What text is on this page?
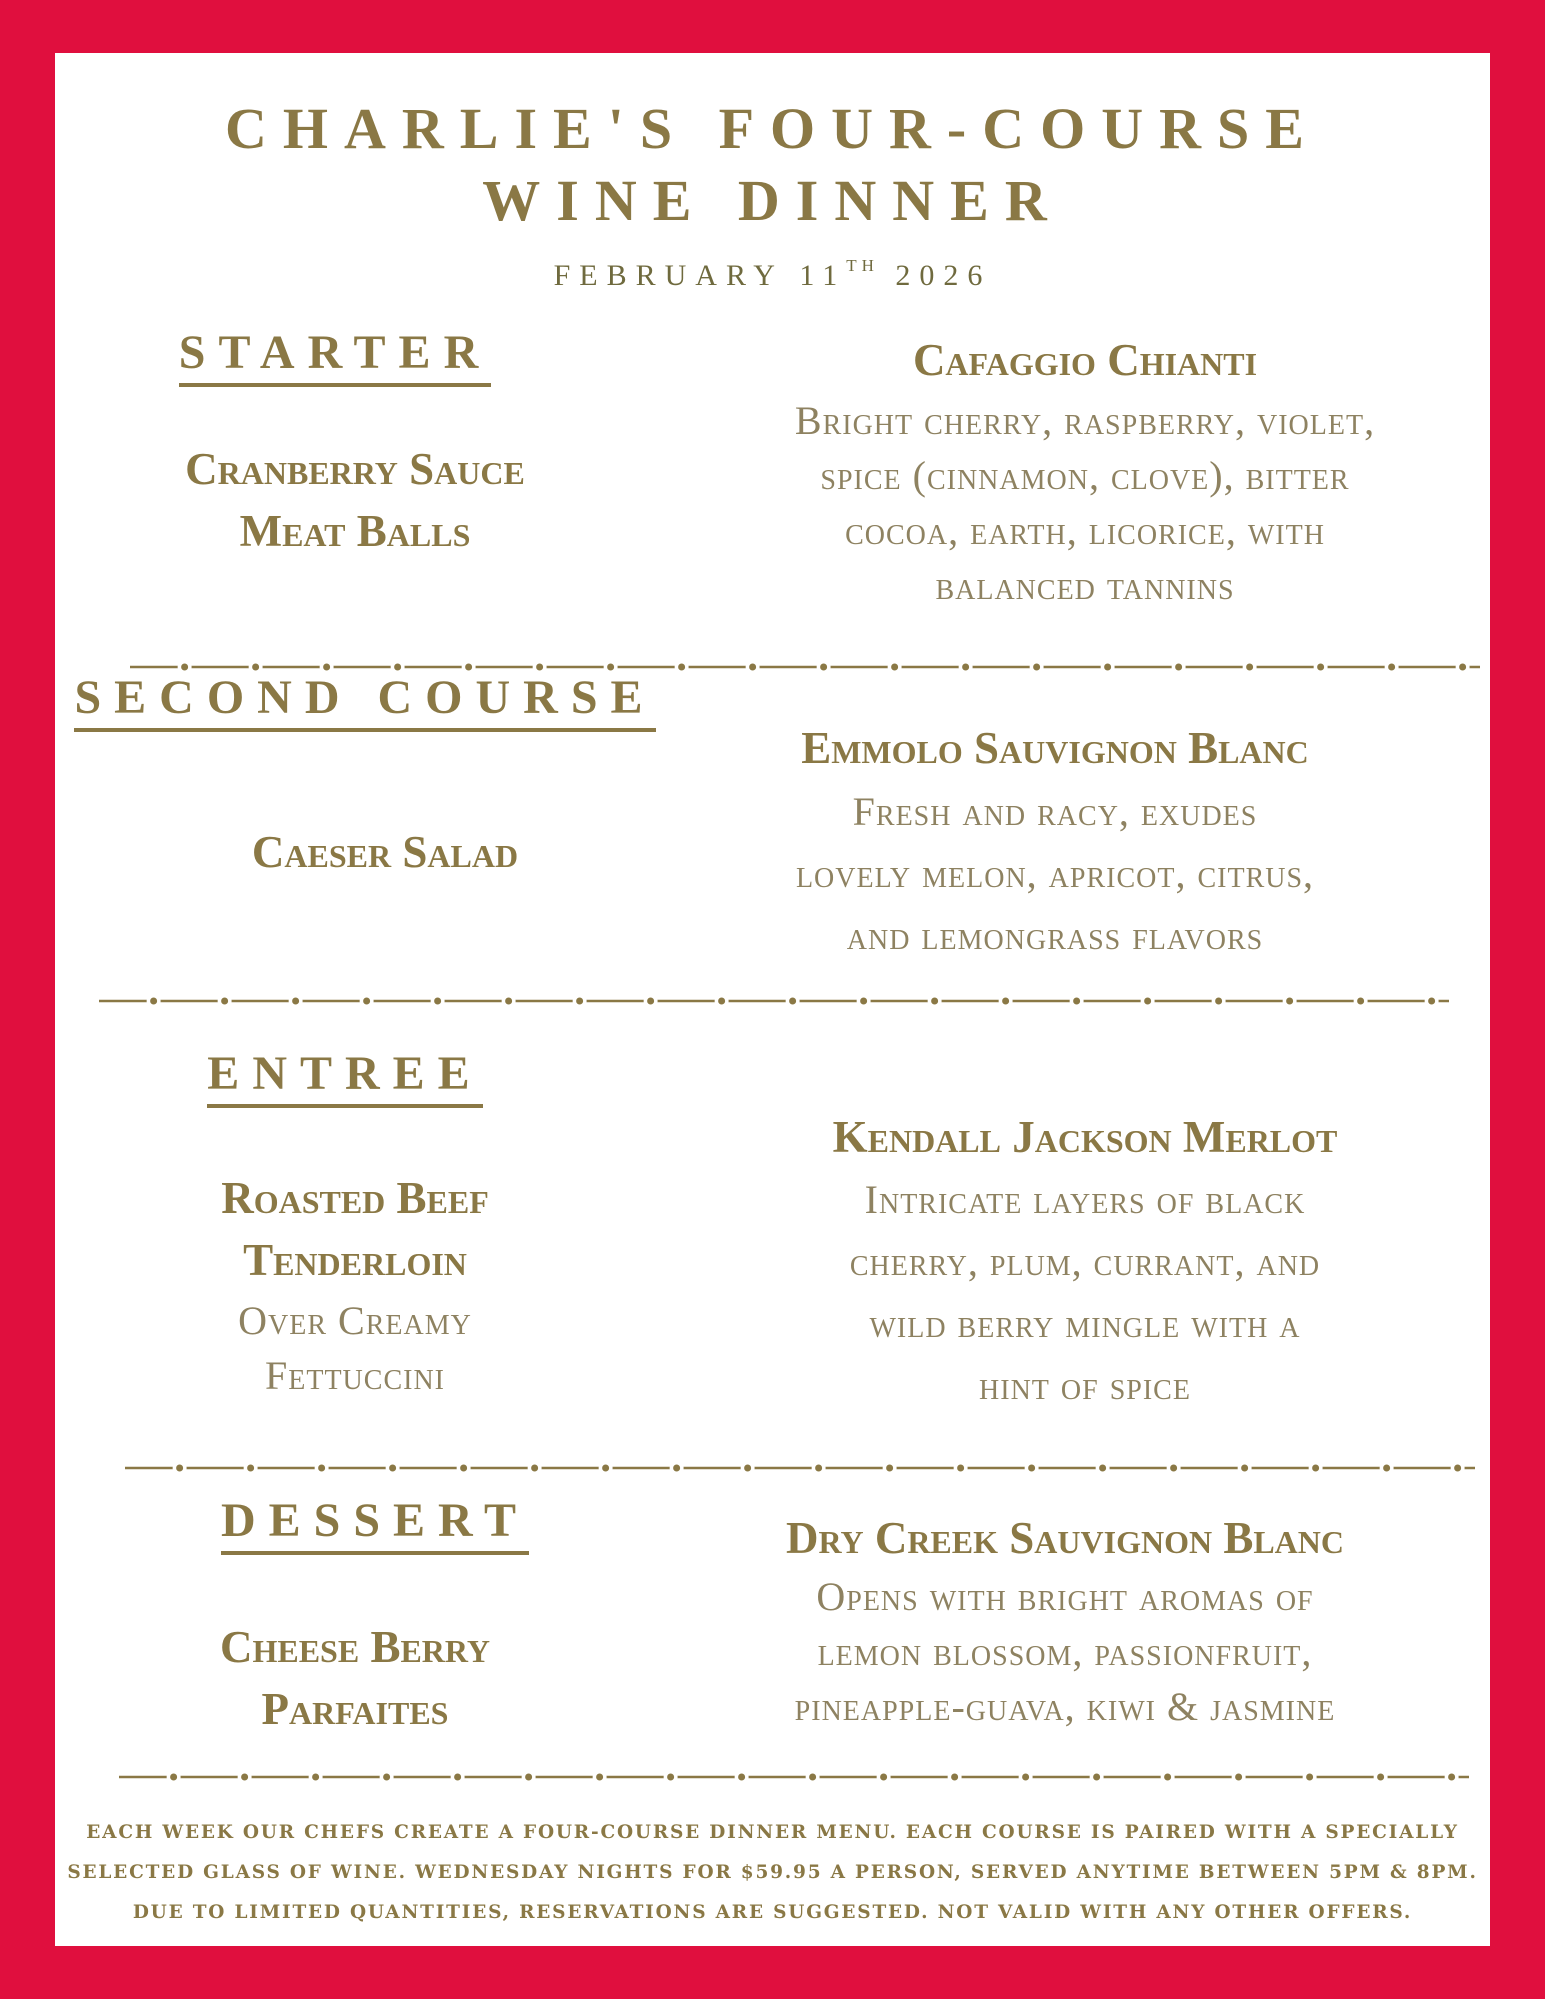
CHARLIE'S FOUR-COURSE
WINE DINNER
FEBRUARY 11TH 2026
STARTER
Cranberry Sauce
Meat Balls
Cafaggio Chianti
Bright cherry, raspberry, violet,
spice (cinnamon, clove), bitter
cocoa, earth, licorice, with
balanced tannins
SECOND COURSE
Caeser Salad
Emmolo Sauvignon Blanc
Fresh and racy, exudes
lovely melon, apricot, citrus,
and lemongrass flavors
ENTREE
Roasted Beef
Tenderloin
Over Creamy
Fettuccini
Kendall Jackson Merlot
Intricate layers of black
cherry, plum, currant, and
wild berry mingle with a
hint of spice
DESSERT
Cheese Berry
Parfaites
Dry Creek Sauvignon Blanc
Opens with bright aromas of
lemon blossom, passionfruit,
pineapple-guava, kiwi & jasmine
EACH WEEK OUR CHEFS CREATE A FOUR-COURSE DINNER MENU. EACH COURSE IS PAIRED WITH A SPECIALLY
SELECTED GLASS OF WINE. WEDNESDAY NIGHTS FOR $59.95 A PERSON, SERVED ANYTIME BETWEEN 5PM & 8PM.
DUE TO LIMITED QUANTITIES, RESERVATIONS ARE SUGGESTED. NOT VALID WITH ANY OTHER OFFERS.
